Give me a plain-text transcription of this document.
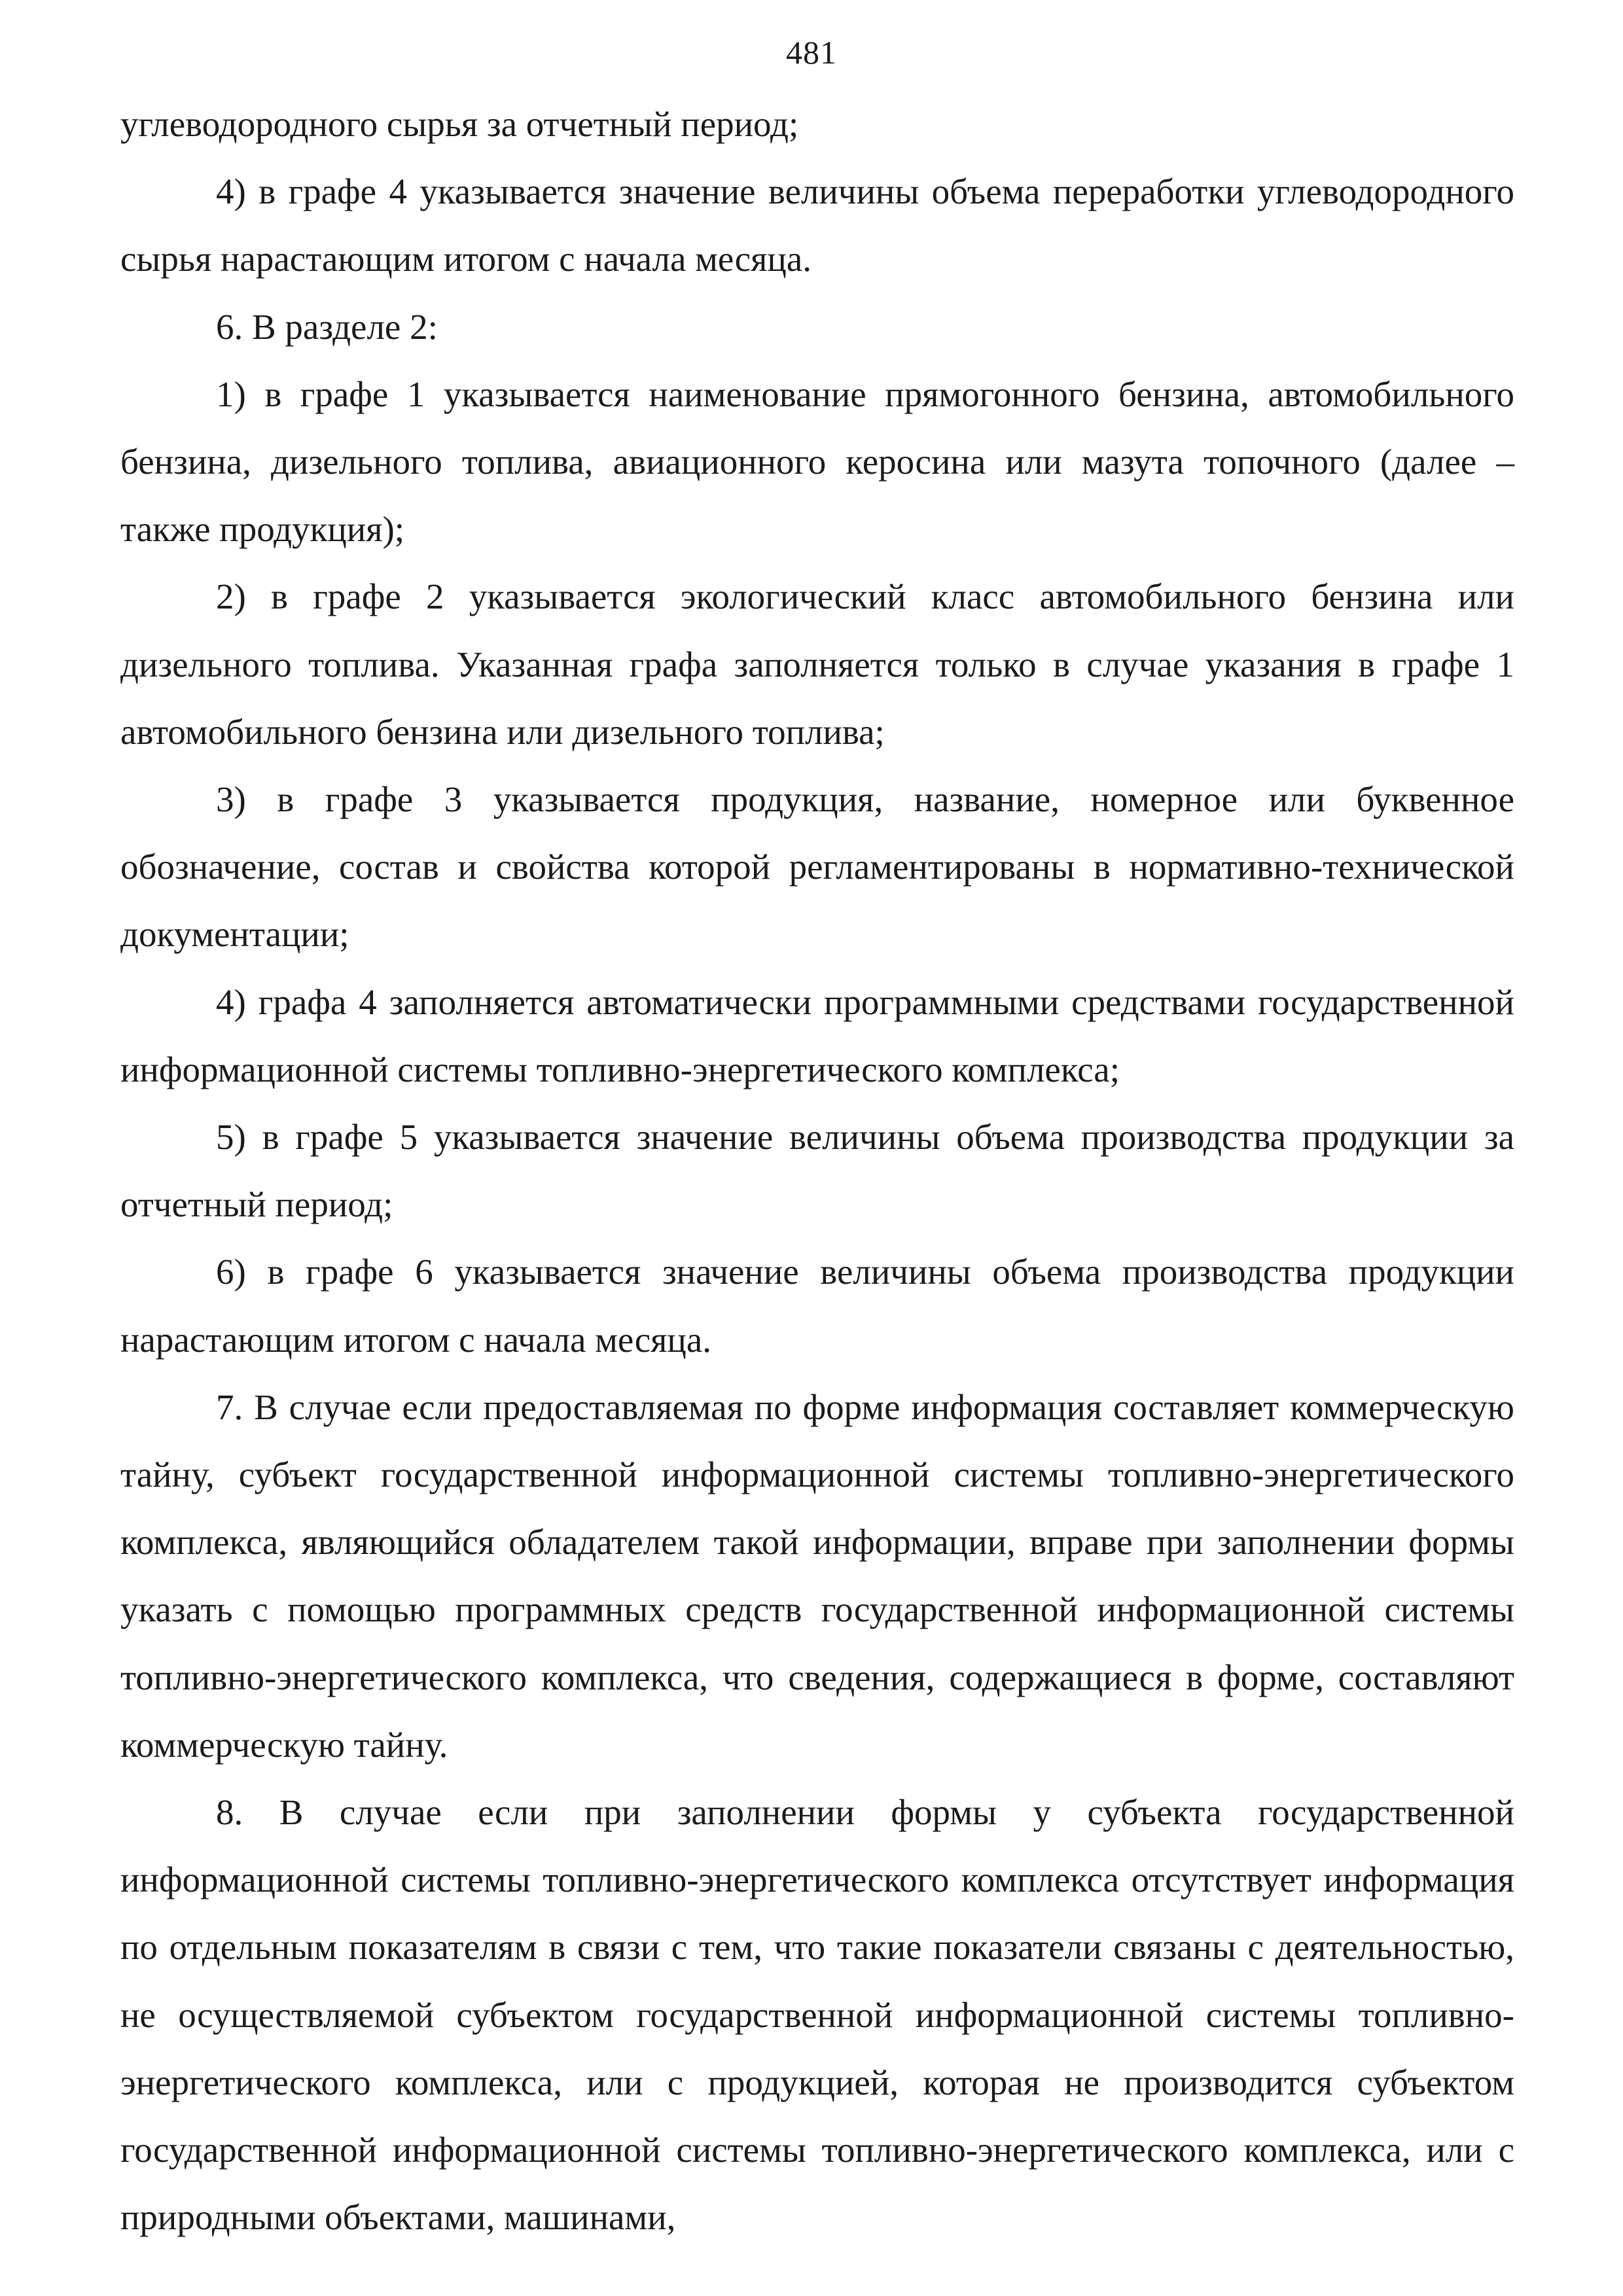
481

углеводородного сырья за отчетный период;

4) в графе 4 указывается значение величины объема переработки углеводородного сырья нарастающим итогом с начала месяца.

6. В разделе 2:

1) в графе 1 указывается наименование прямогонного бензина, автомобильного бензина, дизельного топлива, авиационного керосина или мазута топочного (далее – также продукция);

2) в графе 2 указывается экологический класс автомобильного бензина или дизельного топлива. Указанная графа заполняется только в случае указания в графе 1 автомобильного бензина или дизельного топлива;

3) в графе 3 указывается продукция, название, номерное или буквенное обозначение, состав и свойства которой регламентированы в нормативно-технической документации;

4) графа 4 заполняется автоматически программными средствами государственной информационной системы топливно-энергетического комплекса;

5) в графе 5 указывается значение величины объема производства продукции за отчетный период;

6) в графе 6 указывается значение величины объема производства продукции нарастающим итогом с начала месяца.

7. В случае если предоставляемая по форме информация составляет коммерческую тайну, субъект государственной информационной системы топливно-энергетического комплекса, являющийся обладателем такой информации, вправе при заполнении формы указать с помощью программных средств государственной информационной системы топливно-энергетического комплекса, что сведения, содержащиеся в форме, составляют коммерческую тайну.

8. В случае если при заполнении формы у субъекта государственной информационной системы топливно-энергетического комплекса отсутствует информация по отдельным показателям в связи с тем, что такие показатели связаны с деятельностью, не осуществляемой субъектом государственной информационной системы топливно-энергетического комплекса, или с продукцией, которая не производится субъектом государственной информационной системы топливно-энергетического комплекса, или с природными объектами, машинами,
